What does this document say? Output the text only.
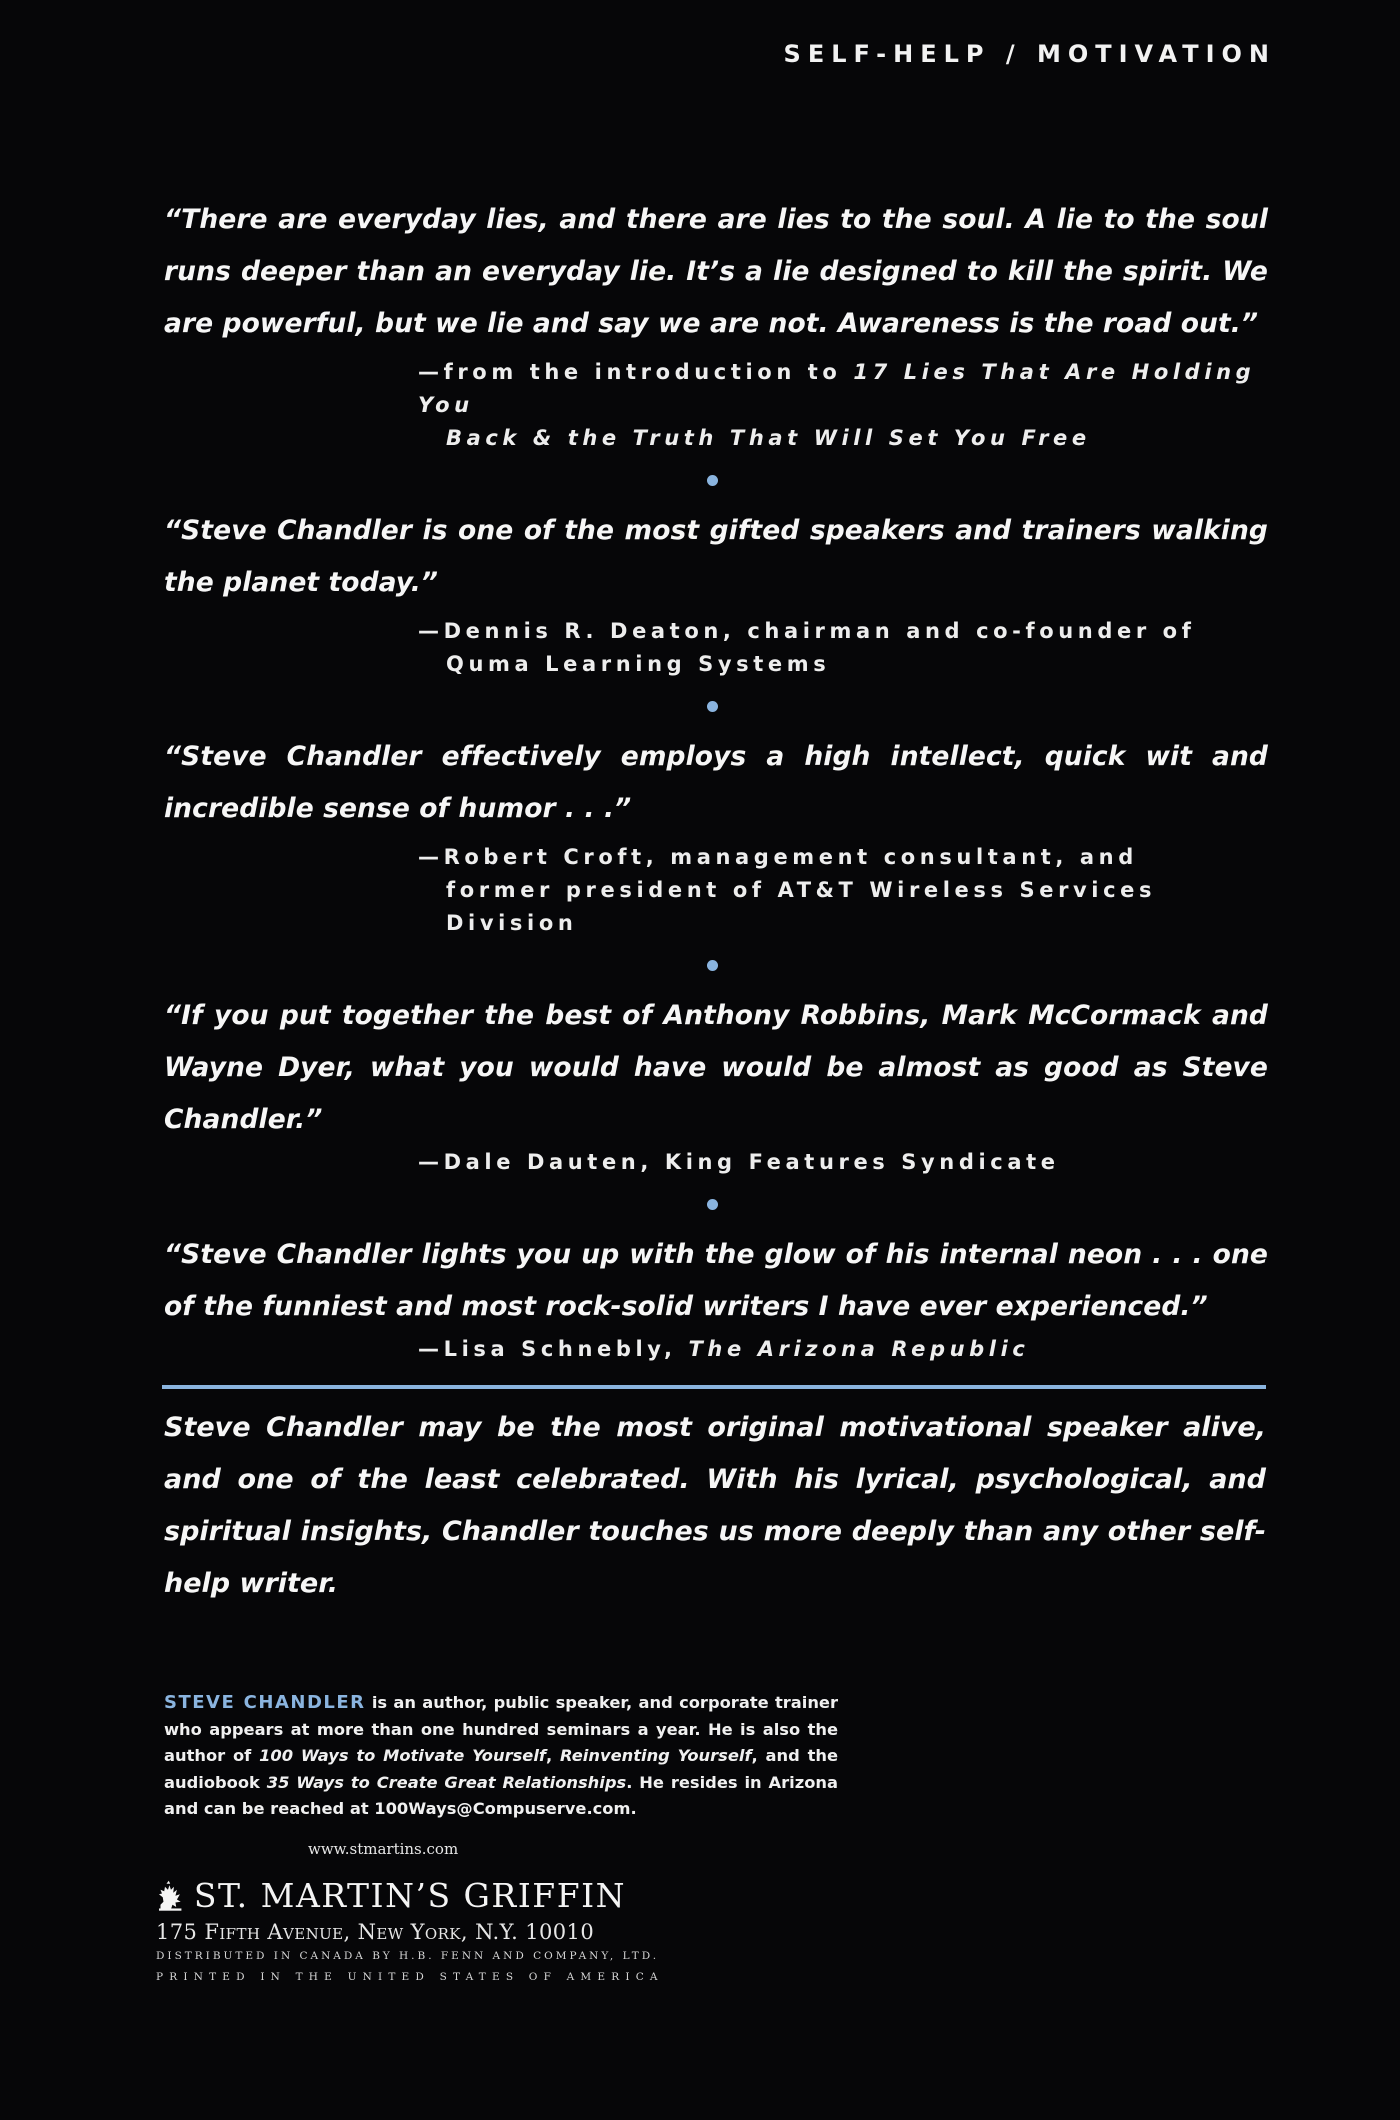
SELF-HELP / MOTIVATION
“There are everyday lies, and there are lies to the soul. A lie to the soul runs deeper than an everyday lie. It’s a lie designed to kill the spirit. We are powerful, but we lie and say we are not. Awareness is the road out.”
—from the introduction to 17 Lies That Are Holding You
Back & the Truth That Will Set You Free
“Steve Chandler is one of the most gifted speakers and trainers walking the planet today.”
—Dennis R. Deaton, chairman and co-founder of
Quma Learning Systems
“Steve Chandler effectively employs a high intellect, quick wit and incredible sense of humor . . .”
—Robert Croft, management consultant, and
former president of AT&T Wireless Services Division
“If you put together the best of Anthony Robbins, Mark McCormack and Wayne Dyer, what you would have would be almost as good as Steve Chandler.”
—Dale Dauten, King Features Syndicate
“Steve Chandler lights you up with the glow of his internal neon . . . one of the funniest and most rock-solid writers I have ever experienced.”
—Lisa Schnebly, The Arizona Republic
Steve Chandler may be the most original motivational speaker alive, and one of the least celebrated. With his lyrical, psychological, and spiritual insights, Chandler touches us more deeply than any other self-help writer.
STEVE CHANDLER is an author, public speaker, and corporate trainer who appears at more than one hundred seminars a year. He is also the author of 100 Ways to Motivate Yourself, Reinventing Yourself, and the audiobook 35 Ways to Create Great Relationships. He resides in Arizona and can be reached at 100Ways@Compuserve.com.
www.stmartins.com
ST. MARTIN’S GRIFFIN
175 Fifth Avenue, New York, N.Y. 10010
DISTRIBUTED IN CANADA BY H.B. FENN AND COMPANY, LTD.
PRINTED IN THE UNITED STATES OF AMERICA
